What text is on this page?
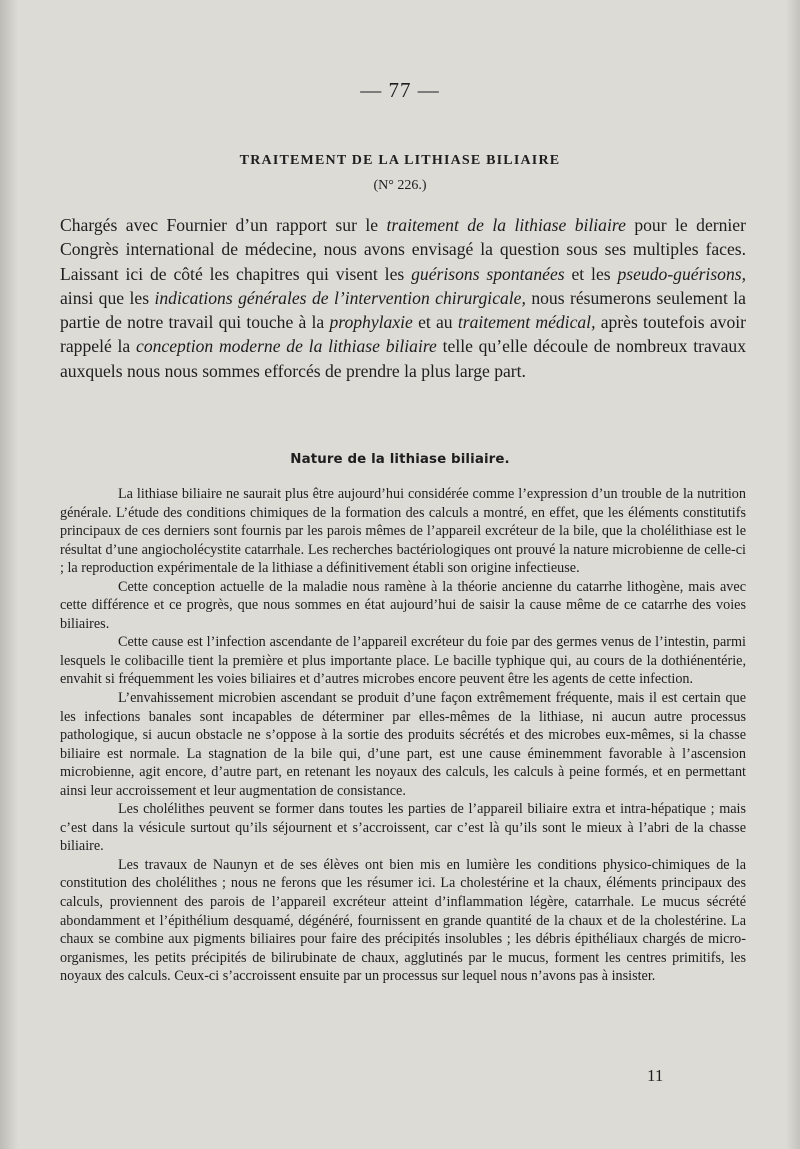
— 77 —
TRAITEMENT DE LA LITHIASE BILIAIRE
(N° 226.)

Chargés avec Fournier d’un rapport sur le traitement de la lithiase biliaire pour le dernier Congrès international de médecine, nous avons envisagé la question sous ses multiples faces. Laissant ici de côté les chapitres qui visent les guérisons spontanées et les pseudo-guérisons, ainsi que les indications générales de l’intervention chirurgicale, nous résumerons seulement la partie de notre travail qui touche à la prophylaxie et au traitement médical, après toutefois avoir rappelé la conception moderne de la lithiase biliaire telle qu’elle découle de nombreux travaux auxquels nous nous sommes efforcés de prendre la plus large part.

Nature de la lithiase biliaire.

La lithiase biliaire ne saurait plus être aujourd’hui considérée comme l’expression d’un trouble de la nutrition générale. L’étude des conditions chimiques de la formation des calculs a montré, en effet, que les éléments constitutifs principaux de ces derniers sont fournis par les parois mêmes de l’appareil excréteur de la bile, que la cholélithiase est le résultat d’une angiocholécystite catarrhale. Les recherches bactériologiques ont prouvé la nature microbienne de celle-ci ; la reproduction expérimentale de la lithiase a définitivement établi son origine infectieuse.

Cette conception actuelle de la maladie nous ramène à la théorie ancienne du catarrhe lithogène, mais avec cette différence et ce progrès, que nous sommes en état aujourd’hui de saisir la cause même de ce catarrhe des voies biliaires.

Cette cause est l’infection ascendante de l’appareil excréteur du foie par des germes venus de l’intestin, parmi lesquels le colibacille tient la première et plus importante place. Le bacille typhique qui, au cours de la dothiénentérie, envahit si fréquemment les voies biliaires et d’autres microbes encore peuvent être les agents de cette infection.

L’envahissement microbien ascendant se produit d’une façon extrêmement fréquente, mais il est certain que les infections banales sont incapables de déterminer par elles-mêmes de la lithiase, ni aucun autre processus pathologique, si aucun obstacle ne s’oppose à la sortie des produits sécrétés et des microbes eux-mêmes, si la chasse biliaire est normale. La stagnation de la bile qui, d’une part, est une cause éminemment favorable à l’ascension microbienne, agit encore, d’autre part, en retenant les noyaux des calculs, les calculs à peine formés, et en permettant ainsi leur accroissement et leur augmentation de consistance.

Les cholélithes peuvent se former dans toutes les parties de l’appareil biliaire extra et intra-hépatique ; mais c’est dans la vésicule surtout qu’ils séjournent et s’accroissent, car c’est là qu’ils sont le mieux à l’abri de la chasse biliaire.

Les travaux de Naunyn et de ses élèves ont bien mis en lumière les conditions physico-chimiques de la constitution des cholélithes ; nous ne ferons que les résumer ici. La cholestérine et la chaux, éléments principaux des calculs, proviennent des parois de l’appareil excréteur atteint d’inflammation légère, catarrhale. Le mucus sécrété abondamment et l’épithélium desquamé, dégénéré, fournissent en grande quantité de la chaux et de la cholestérine. La chaux se combine aux pigments biliaires pour faire des précipités insolubles ; les débris épithéliaux chargés de micro-organismes, les petits précipités de bilirubinate de chaux, agglutinés par le mucus, forment les centres primitifs, les noyaux des calculs. Ceux-ci s’accroissent ensuite par un processus sur lequel nous n’avons pas à insister.

11
